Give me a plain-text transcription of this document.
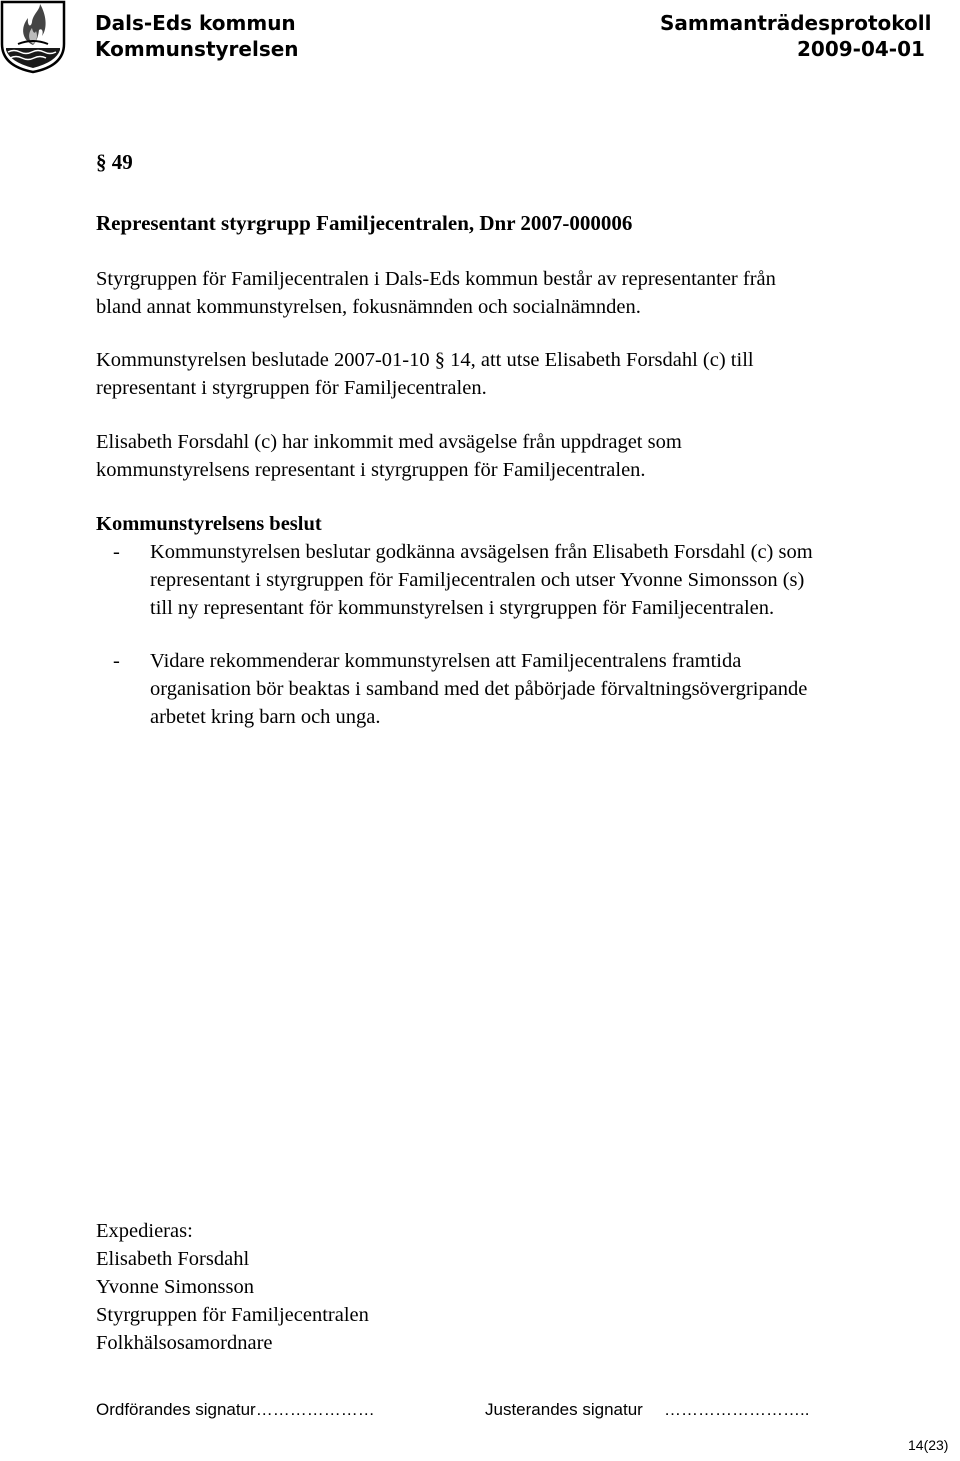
Dals-Eds kommun
Kommunstyrelsen
Sammanträdesprotokoll
2009-04-01
§ 49
Representant styrgrupp Familjecentralen, Dnr 2007-000006
Styrgruppen för Familjecentralen i Dals-Eds kommun består av representanter från
bland annat kommunstyrelsen, fokusnämnden och socialnämnden.
Kommunstyrelsen beslutade 2007-01-10 § 14, att utse Elisabeth Forsdahl (c) till
representant i styrgruppen för Familjecentralen.
Elisabeth Forsdahl (c) har inkommit med avsägelse från uppdraget som
kommunstyrelsens representant i styrgruppen för Familjecentralen.
Kommunstyrelsens beslut
- Kommunstyrelsen beslutar godkänna avsägelsen från Elisabeth Forsdahl (c) som
representant i styrgruppen för Familjecentralen och utser Yvonne Simonsson (s)
till ny representant för kommunstyrelsen i styrgruppen för Familjecentralen.
- Vidare rekommenderar kommunstyrelsen att Familjecentralens framtida
organisation bör beaktas i samband med det påbörjade förvaltningsövergripande
arbetet kring barn och unga.
Expedieras:
Elisabeth Forsdahl
Yvonne Simonsson
Styrgruppen för Familjecentralen
Folkhälsosamordnare
Ordförandes signatur…………………	Justerandes signatur ……………………..
14(23)
